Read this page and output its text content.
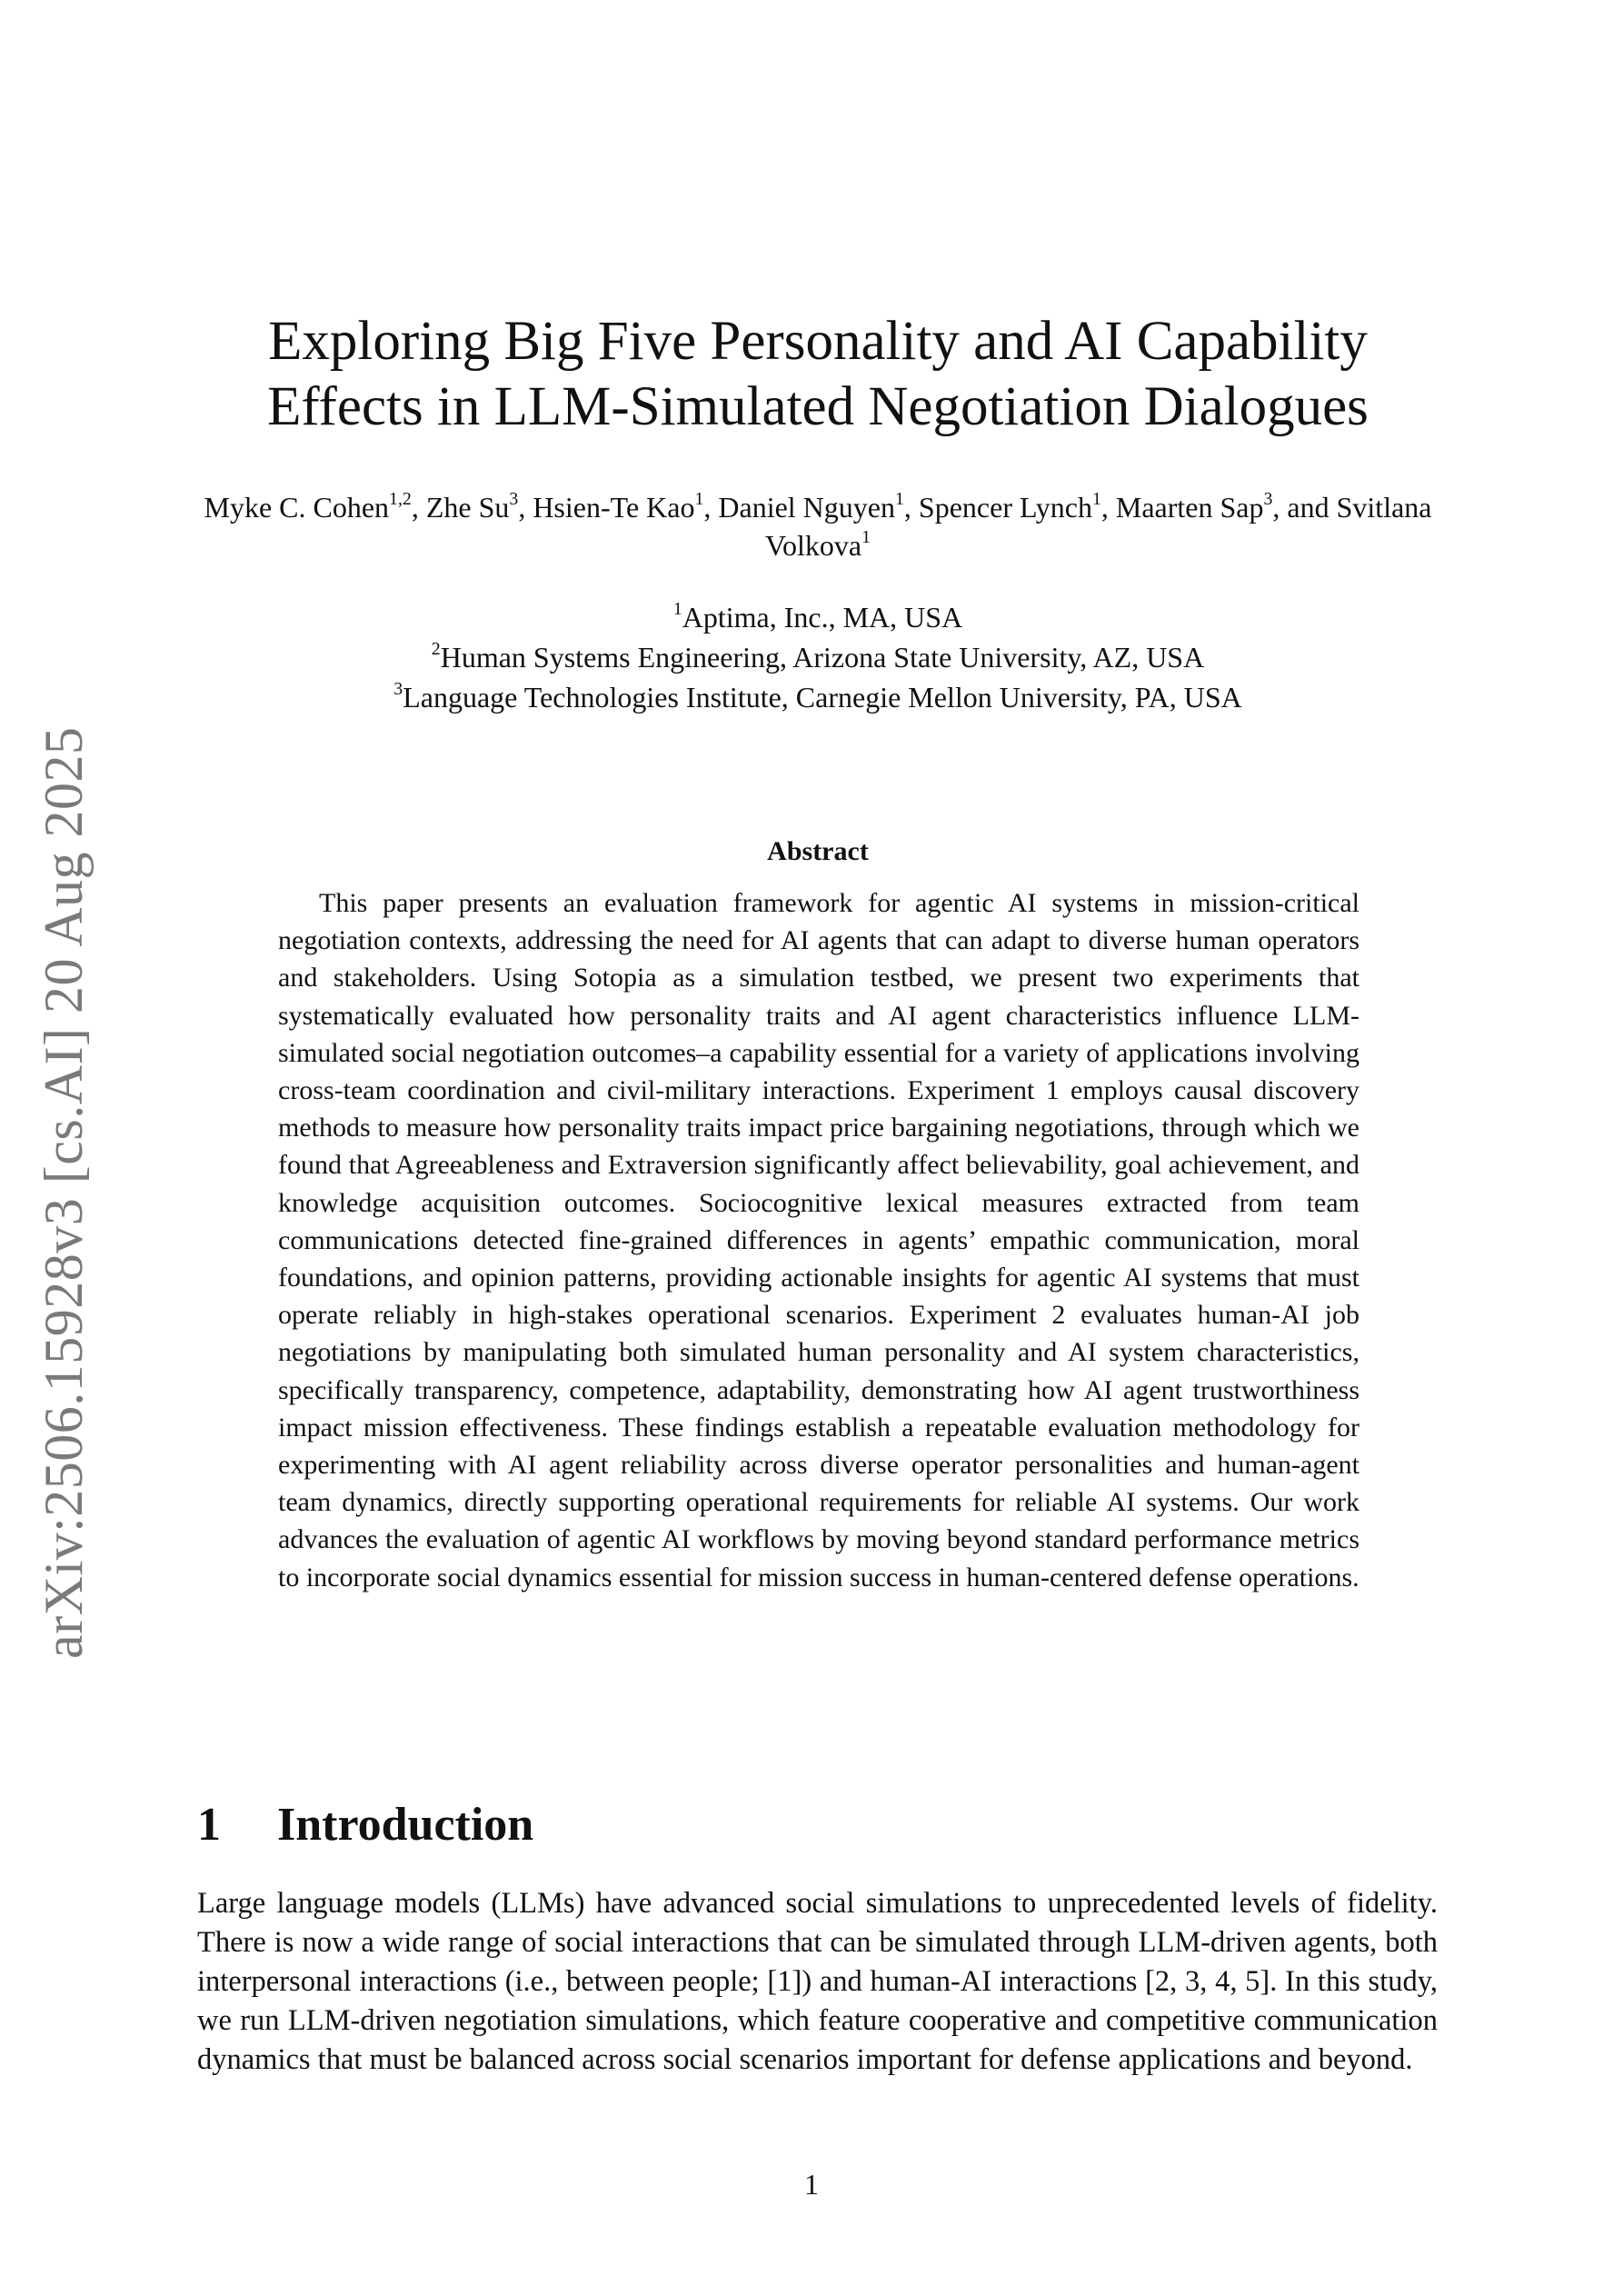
arXiv:2506.15928v3 [cs.AI] 20 Aug 2025
Exploring Big Five Personality and AI Capability
Effects in LLM-Simulated Negotiation Dialogues
Myke C. Cohen$^{1,2}$, Zhe Su$^3$, Hsien-Te Kao$^1$, Daniel Nguyen$^1$, Spencer Lynch$^1$, Maarten Sap$^3$, and Svitlana Volkova$^1$
$^1$Aptima, Inc., MA, USA
$^2$Human Systems Engineering, Arizona State University, AZ, USA
$^3$Language Technologies Institute, Carnegie Mellon University, PA, USA
Abstract

This paper presents an evaluation framework for agentic AI systems in mission-critical negotiation contexts, addressing the need for AI agents that can adapt to diverse human operators and stakeholders. Using Sotopia as a simulation testbed, we present two experiments that systematically evaluated how personality traits and AI agent characteristics influence LLM-simulated social negotiation outcomes–a capability essential for a variety of applications involving cross-team coordination and civil-military interactions. Experiment 1 employs causal discovery methods to measure how personality traits impact price bargaining negotiations, through which we found that Agreeableness and Extraversion significantly affect believability, goal achievement, and knowledge acquisition outcomes. Sociocognitive lexical measures extracted from team communications detected fine-grained differences in agents’ empathic communication, moral foundations, and opinion patterns, providing actionable insights for agentic AI systems that must operate reliably in high-stakes operational scenarios. Experiment 2 evaluates human-AI job negotiations by manipulating both simulated human personality and AI system characteristics, specifically transparency, competence, adaptability, demonstrating how AI agent trustworthiness impact mission effectiveness. These findings establish a repeatable evaluation methodology for experimenting with AI agent reliability across diverse operator personalities and human-agent team dynamics, directly supporting operational requirements for reliable AI systems. Our work advances the evaluation of agentic AI workflows by moving beyond standard performance metrics to incorporate social dynamics essential for mission success in human-centered defense operations.

1 Introduction

Large language models (LLMs) have advanced social simulations to unprecedented levels of fidelity. There is now a wide range of social interactions that can be simulated through LLM-driven agents, both interpersonal interactions (i.e., between people; [1]) and human-AI interactions [2, 3, 4, 5]. In this study, we run LLM-driven negotiation simulations, which feature cooperative and competitive communication dynamics that must be balanced across social scenarios important for defense applications and beyond.

1
